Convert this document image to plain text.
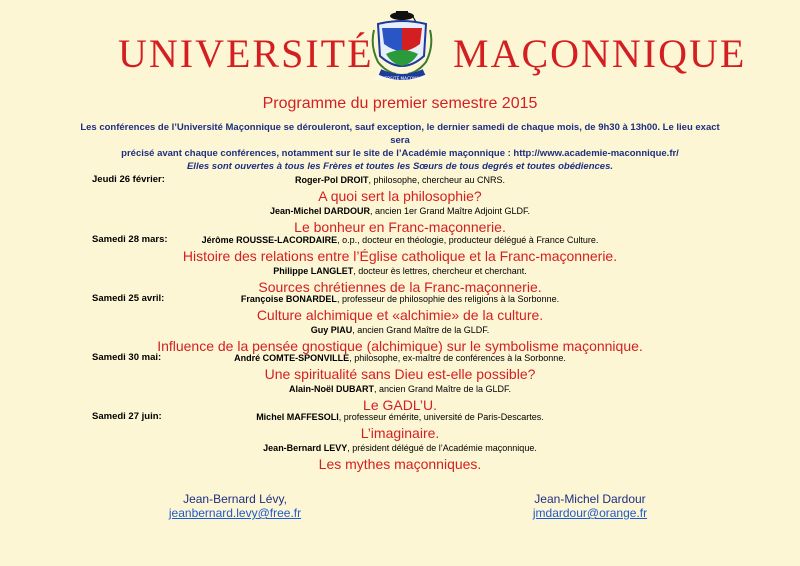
UNIVERSITÉ
UNIVERSITÉ MAÇONNIQUE
MAÇONNIQUE
Programme du premier semestre 2015

Les conférences de l’Université Maçonnique se dérouleront, sauf exception, le dernier samedi de chaque mois, de 9h30 à 13h00. Le lieu exact sera

précisé avant chaque conférences, notamment sur le site de l’Académie maçonnique : http://www.academie-maconnique.fr/

Elles sont ouvertes à tous les Frères et toutes les Sœurs de tous degrés et toutes obédiences.

Jeudi 26 février:	Roger-Pol DROIT, philosophe, chercheur au CNRS.
A quoi sert la philosophie?
Jean-Michel DARDOUR, ancien 1er Grand Maître Adjoint GLDF.
Le bonheur en Franc-maçonnerie.
Samedi 28 mars:	Jérôme ROUSSE-LACORDAIRE, o.p., docteur en théologie, producteur délégué à France Culture.
Histoire des relations entre l’Église catholique et la Franc-maçonnerie.
Philippe LANGLET, docteur ès lettres, chercheur et cherchant.
Sources chrétiennes de la Franc-maçonnerie.
Samedi 25 avril:	Françoise BONARDEL, professeur de philosophie des religions à la Sorbonne.
Culture alchimique et «alchimie» de la culture.
Guy PIAU, ancien Grand Maître de la GLDF.
Influence de la pensée gnostique (alchimique) sur le symbolisme maçonnique.
Samedi 30 mai:	André COMTE-SPONVILLE, philosophe, ex-maître de conférences à la Sorbonne.
Une spiritualité sans Dieu est-elle possible?
Alain-Noël DUBART, ancien Grand Maître de la GLDF.
Le GADL’U.
Samedi 27 juin:	Michel MAFFESOLI, professeur émérite, université de Paris-Descartes.
L’imaginaire.
Jean-Bernard LEVY, président délégué de l’Académie maçonnique.
Les mythes maçonniques.
Jean-Bernard Lévy,
jeanbernard.levy@free.fr
Jean-Michel Dardour
jmdardour@orange.fr
